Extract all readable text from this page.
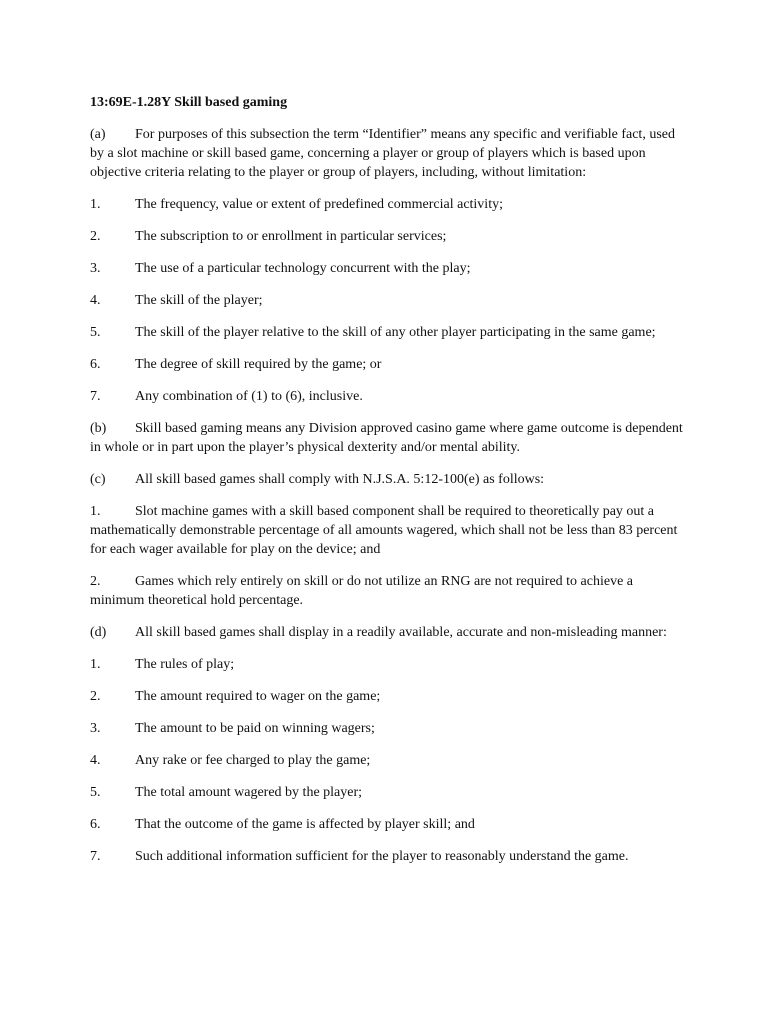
13:69E-1.28Y Skill based gaming
(a) For purposes of this subsection the term “Identifier” means any specific and verifiable fact, used by a slot machine or skill based game, concerning a player or group of players which is based upon objective criteria relating to the player or group of players, including, without limitation:
1. The frequency, value or extent of predefined commercial activity;
2. The subscription to or enrollment in particular services;
3. The use of a particular technology concurrent with the play;
4. The skill of the player;
5. The skill of the player relative to the skill of any other player participating in the same game;
6. The degree of skill required by the game; or
7. Any combination of (1) to (6), inclusive.
(b) Skill based gaming means any Division approved casino game where game outcome is dependent in whole or in part upon the player’s physical dexterity and/or mental ability.
(c) All skill based games shall comply with N.J.S.A. 5:12-100(e) as follows:
1. Slot machine games with a skill based component shall be required to theoretically pay out a mathematically demonstrable percentage of all amounts wagered, which shall not be less than 83 percent for each wager available for play on the device; and
2. Games which rely entirely on skill or do not utilize an RNG are not required to achieve a minimum theoretical hold percentage.
(d) All skill based games shall display in a readily available, accurate and non-misleading manner:
1. The rules of play;
2. The amount required to wager on the game;
3. The amount to be paid on winning wagers;
4. Any rake or fee charged to play the game;
5. The total amount wagered by the player;
6. That the outcome of the game is affected by player skill; and
7. Such additional information sufficient for the player to reasonably understand the game.
